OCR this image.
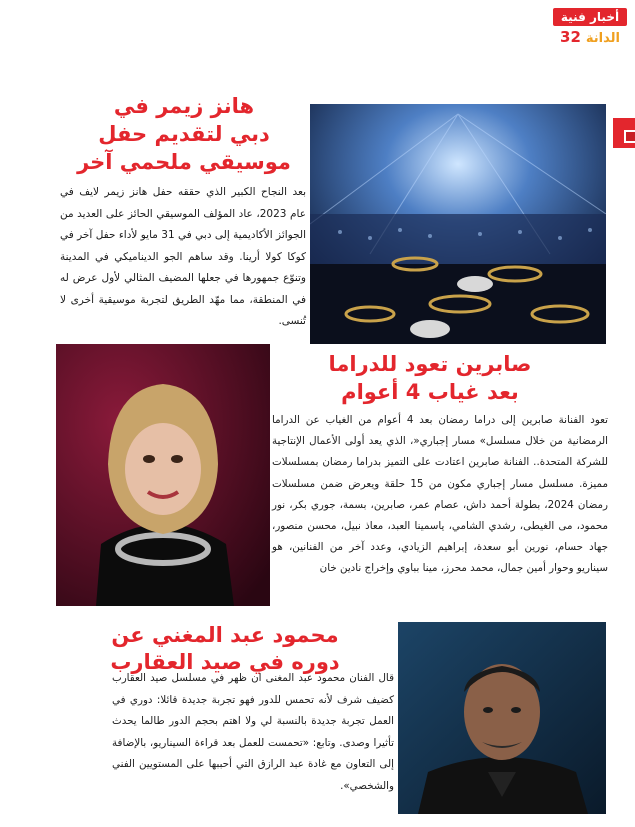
أخبار فنية
32 الدانة
هانز زيمر في
دبي لتقديم حفل
موسيقي ملحمي آخر
بعد النجاح الكبير الذي حققه حفل هانز زيمر لايف في عام 2023، عاد المؤلف الموسيقي الحائز على العديد من الجوائز الأكاديمية إلى دبي في 31 مايو لأداء حفل آخر في كوكا كولا أرينا. وقد ساهم الجو الديناميكي في المدينة وتنوّع جمهورها في جعلها المضيف المثالي لأول عرض له في المنطقة، مما مهّد الطريق لتجربة موسيقية أخرى لا تُنسى.
صابرين تعود للدراما
بعد غياب 4 أعوام
تعود الفنانة صابرين إلى دراما رمضان بعد 4 أعوام من الغياب عن الدراما الرمضانية من خلال مسلسل» مسار إجباري«، الذي يعد أولى الأعمال الإنتاجية للشركة المتحدة.. الفنانة صابرين اعتادت على التميز بدراما رمضان بمسلسلات مميزة. مسلسل مسار إجباري مكون من 15 حلقة ويعرض ضمن مسلسلات رمضان 2024، بطولة أحمد داش، عصام عمر، صابرين، بسمة، جوري بكر، نور محمود، مى الغيطى، رشدي الشامي، ياسمينا العبد، معاذ نبيل، محسن منصور، جهاد حسام، نورين أبو سعدة، إبراهيم الزيادي، وعدد آخر من الفنانين، هو سيناريو وحوار أمين جمال، محمد محرز، مينا بباوي وإخراج نادين خان
محمود عبد المغني عن
دوره في صيد العقارب
قال الفنان محمود عبد المغنى ان ظهر في مسلسل صيد العقارب كضيف شرف لأنه تحمس للدور فهو تجربة جديدة قائلا: دوري في العمل تجربة جديدة بالنسبة لي ولا اهتم بحجم الدور طالما يحدث تأثيرا وصدى. وتابع: «تحمست للعمل بعد قراءة السيناريو، بالإضافة إلى التعاون مع غادة عبد الرازق التي أحببها على المستويين الفني والشخصي».
